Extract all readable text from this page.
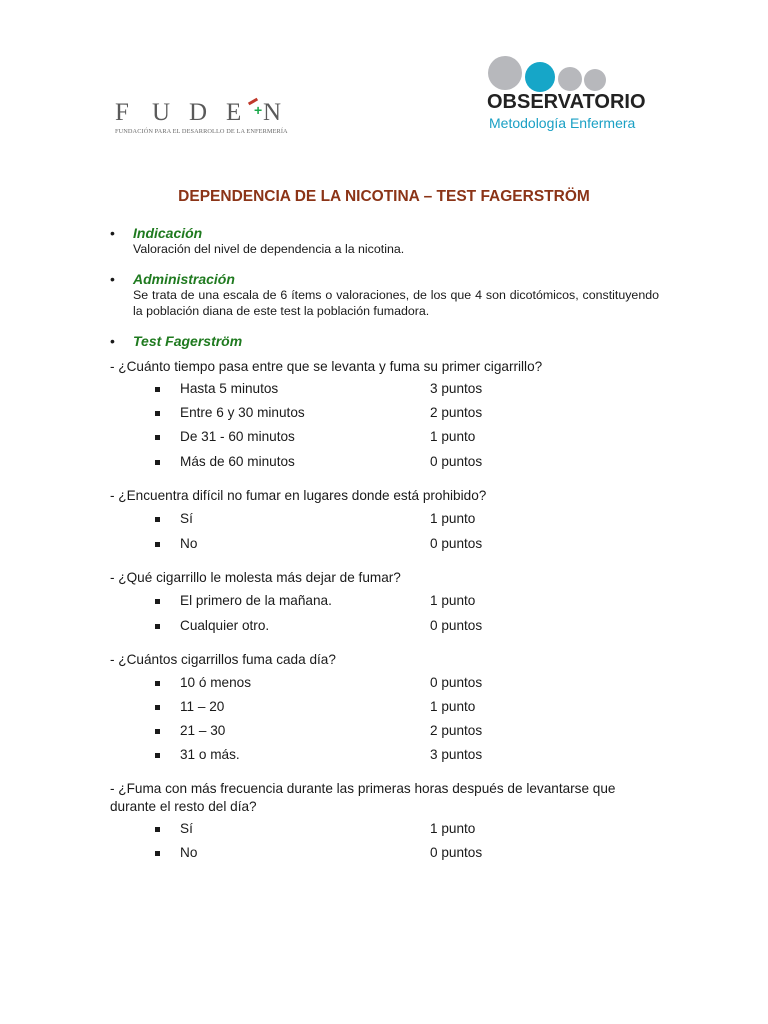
F U D E N
+
FUNDACIÓN PARA EL DESARROLLO DE LA ENFERMERÍA
OBSERVATORIO
Metodología Enfermera
DEPENDENCIA DE LA NICOTINA – TEST FAGERSTRÖM
• Indicación
Valoración del nivel de dependencia a la nicotina.
• Administración
Se trata de una escala de 6 ítems o valoraciones, de los que 4 son dicotómicos, constituyendo la población diana de este test la población fumadora.
• Test Fagerström
- ¿Cuánto tiempo pasa entre que se levanta y fuma su primer cigarrillo?
Hasta 5 minutos	3 puntos
Entre 6 y 30 minutos	2 puntos
De 31 - 60 minutos	1 punto
Más de 60 minutos	0 puntos
- ¿Encuentra difícil no fumar en lugares donde está prohibido?
Sí	1 punto
No	0 puntos
- ¿Qué cigarrillo le molesta más dejar de fumar?
El primero de la mañana.	1 punto
Cualquier otro.	0 puntos
- ¿Cuántos cigarrillos fuma cada día?
10 ó menos	0 puntos
11 – 20	1 punto
21 – 30	2 puntos
31 o más.	3 puntos
- ¿Fuma con más frecuencia durante las primeras horas después de levantarse que durante el resto del día?
Sí	1 punto
No	0 puntos
